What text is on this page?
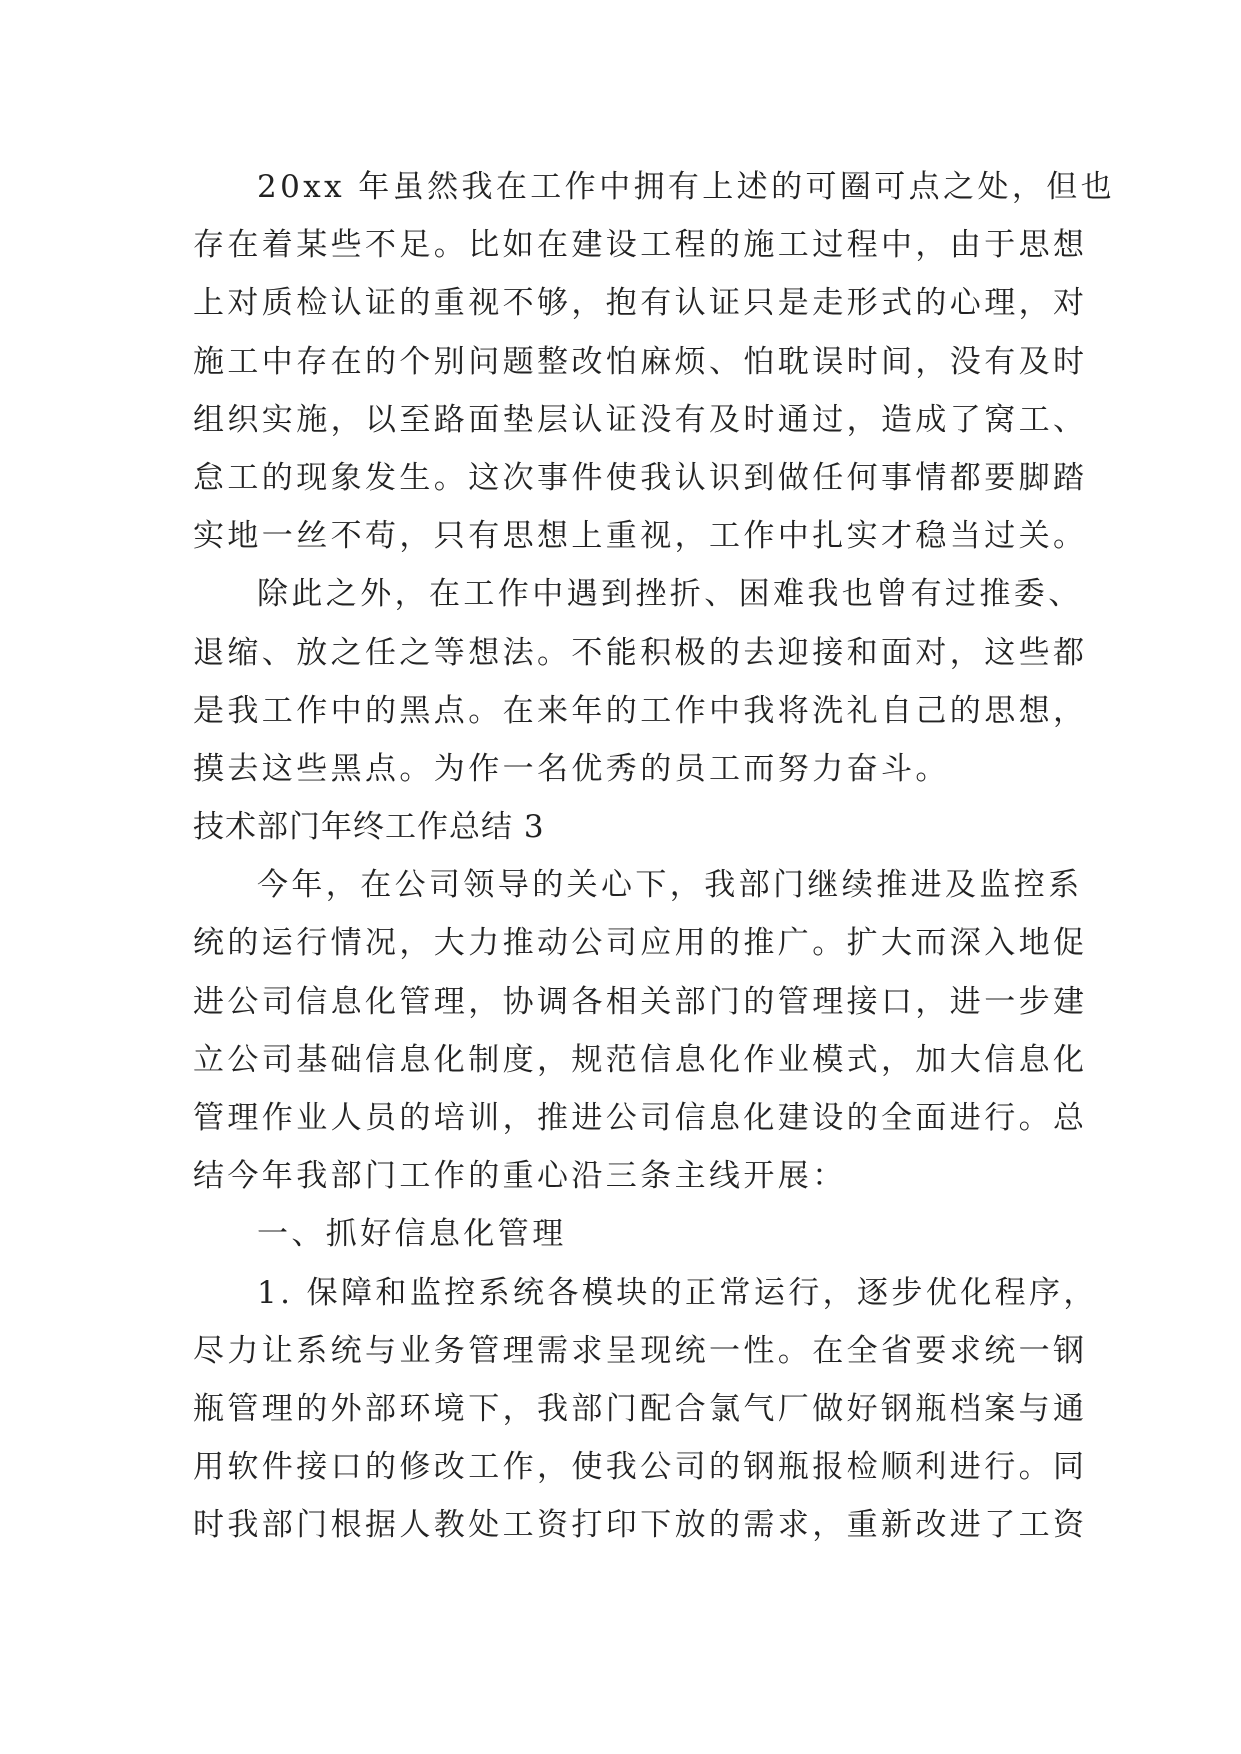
20xx 年虽然我在工作中拥有上述的可圈可点之处，但也
存在着某些不足。比如在建设工程的施工过程中，由于思想
上对质检认证的重视不够，抱有认证只是走形式的心理，对
施工中存在的个别问题整改怕麻烦、怕耽误时间，没有及时
组织实施，以至路面垫层认证没有及时通过，造成了窝工、
怠工的现象发生。这次事件使我认识到做任何事情都要脚踏
实地一丝不苟，只有思想上重视，工作中扎实才稳当过关。
除此之外，在工作中遇到挫折、困难我也曾有过推委、
退缩、放之任之等想法。不能积极的去迎接和面对，这些都
是我工作中的黑点。在来年的工作中我将洗礼自己的思想，
摸去这些黑点。为作一名优秀的员工而努力奋斗。
技术部门年终工作总结 3
今年，在公司领导的关心下，我部门继续推进及监控系
统的运行情况，大力推动公司应用的推广。扩大而深入地促
进公司信息化管理，协调各相关部门的管理接口，进一步建
立公司基础信息化制度，规范信息化作业模式，加大信息化
管理作业人员的培训，推进公司信息化建设的全面进行。总
结今年我部门工作的重心沿三条主线开展：
一、抓好信息化管理
1. 保障和监控系统各模块的正常运行，逐步优化程序，
尽力让系统与业务管理需求呈现统一性。在全省要求统一钢
瓶管理的外部环境下，我部门配合氯气厂做好钢瓶档案与通
用软件接口的修改工作，使我公司的钢瓶报检顺利进行。同
时我部门根据人教处工资打印下放的需求，重新改进了工资
